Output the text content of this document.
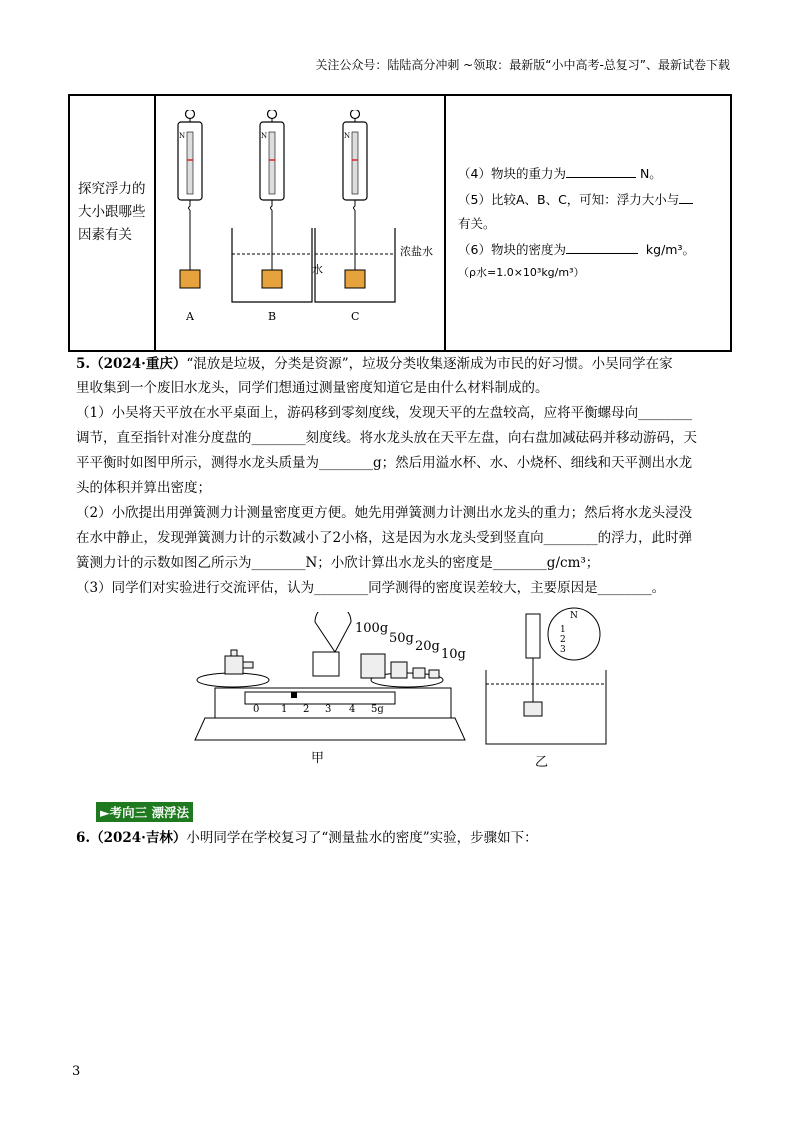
关注公众号：陆陆高分冲刺 ~领取：最新版“小中高考-总复习”、最新试卷下载
探究浮力的大小跟哪些因素有关
N	N	N
A	B	C
水
浓盐水
（4）物块的重力为	N。
（5）比较A、B、C，可知：浮力大小与
有关。
（6）物块的密度为	kg/m³。
（ρ水=1.0×10³kg/m³）
5.（2024·重庆）“混放是垃圾，分类是资源”，垃圾分类收集逐渐成为市民的好习惯。小吴同学在家
里收集到一个废旧水龙头，同学们想通过测量密度知道它是由什么材料制成的。
（1）小吴将天平放在水平桌面上，游码移到零刻度线，发现天平的左盘较高，应将平衡螺母向________
调节，直至指针对准分度盘的________刻度线。将水龙头放在天平左盘，向右盘加减砝码并移动游码，天
平平衡时如图甲所示，测得水龙头质量为________g；然后用溢水杯、水、小烧杯、细线和天平测出水龙
头的体积并算出密度；
（2）小欣提出用弹簧测力计测量密度更方便。她先用弹簧测力计测出水龙头的重力；然后将水龙头浸没
在水中静止，发现弹簧测力计的示数减小了2小格，这是因为水龙头受到竖直向________的浮力，此时弹
簧测力计的示数如图乙所示为________N；小欣计算出水龙头的密度是________g/cm³；
（3）同学们对实验进行交流评估，认为________同学测得的密度误差较大，主要原因是________。
100g
50g
20g
10g
0 1 2 3 4 5g
甲
N
1
2
3
乙
►考向三 漂浮法
6.（2024·吉林）小明同学在学校复习了“测量盐水的密度”实验，步骤如下：
3
